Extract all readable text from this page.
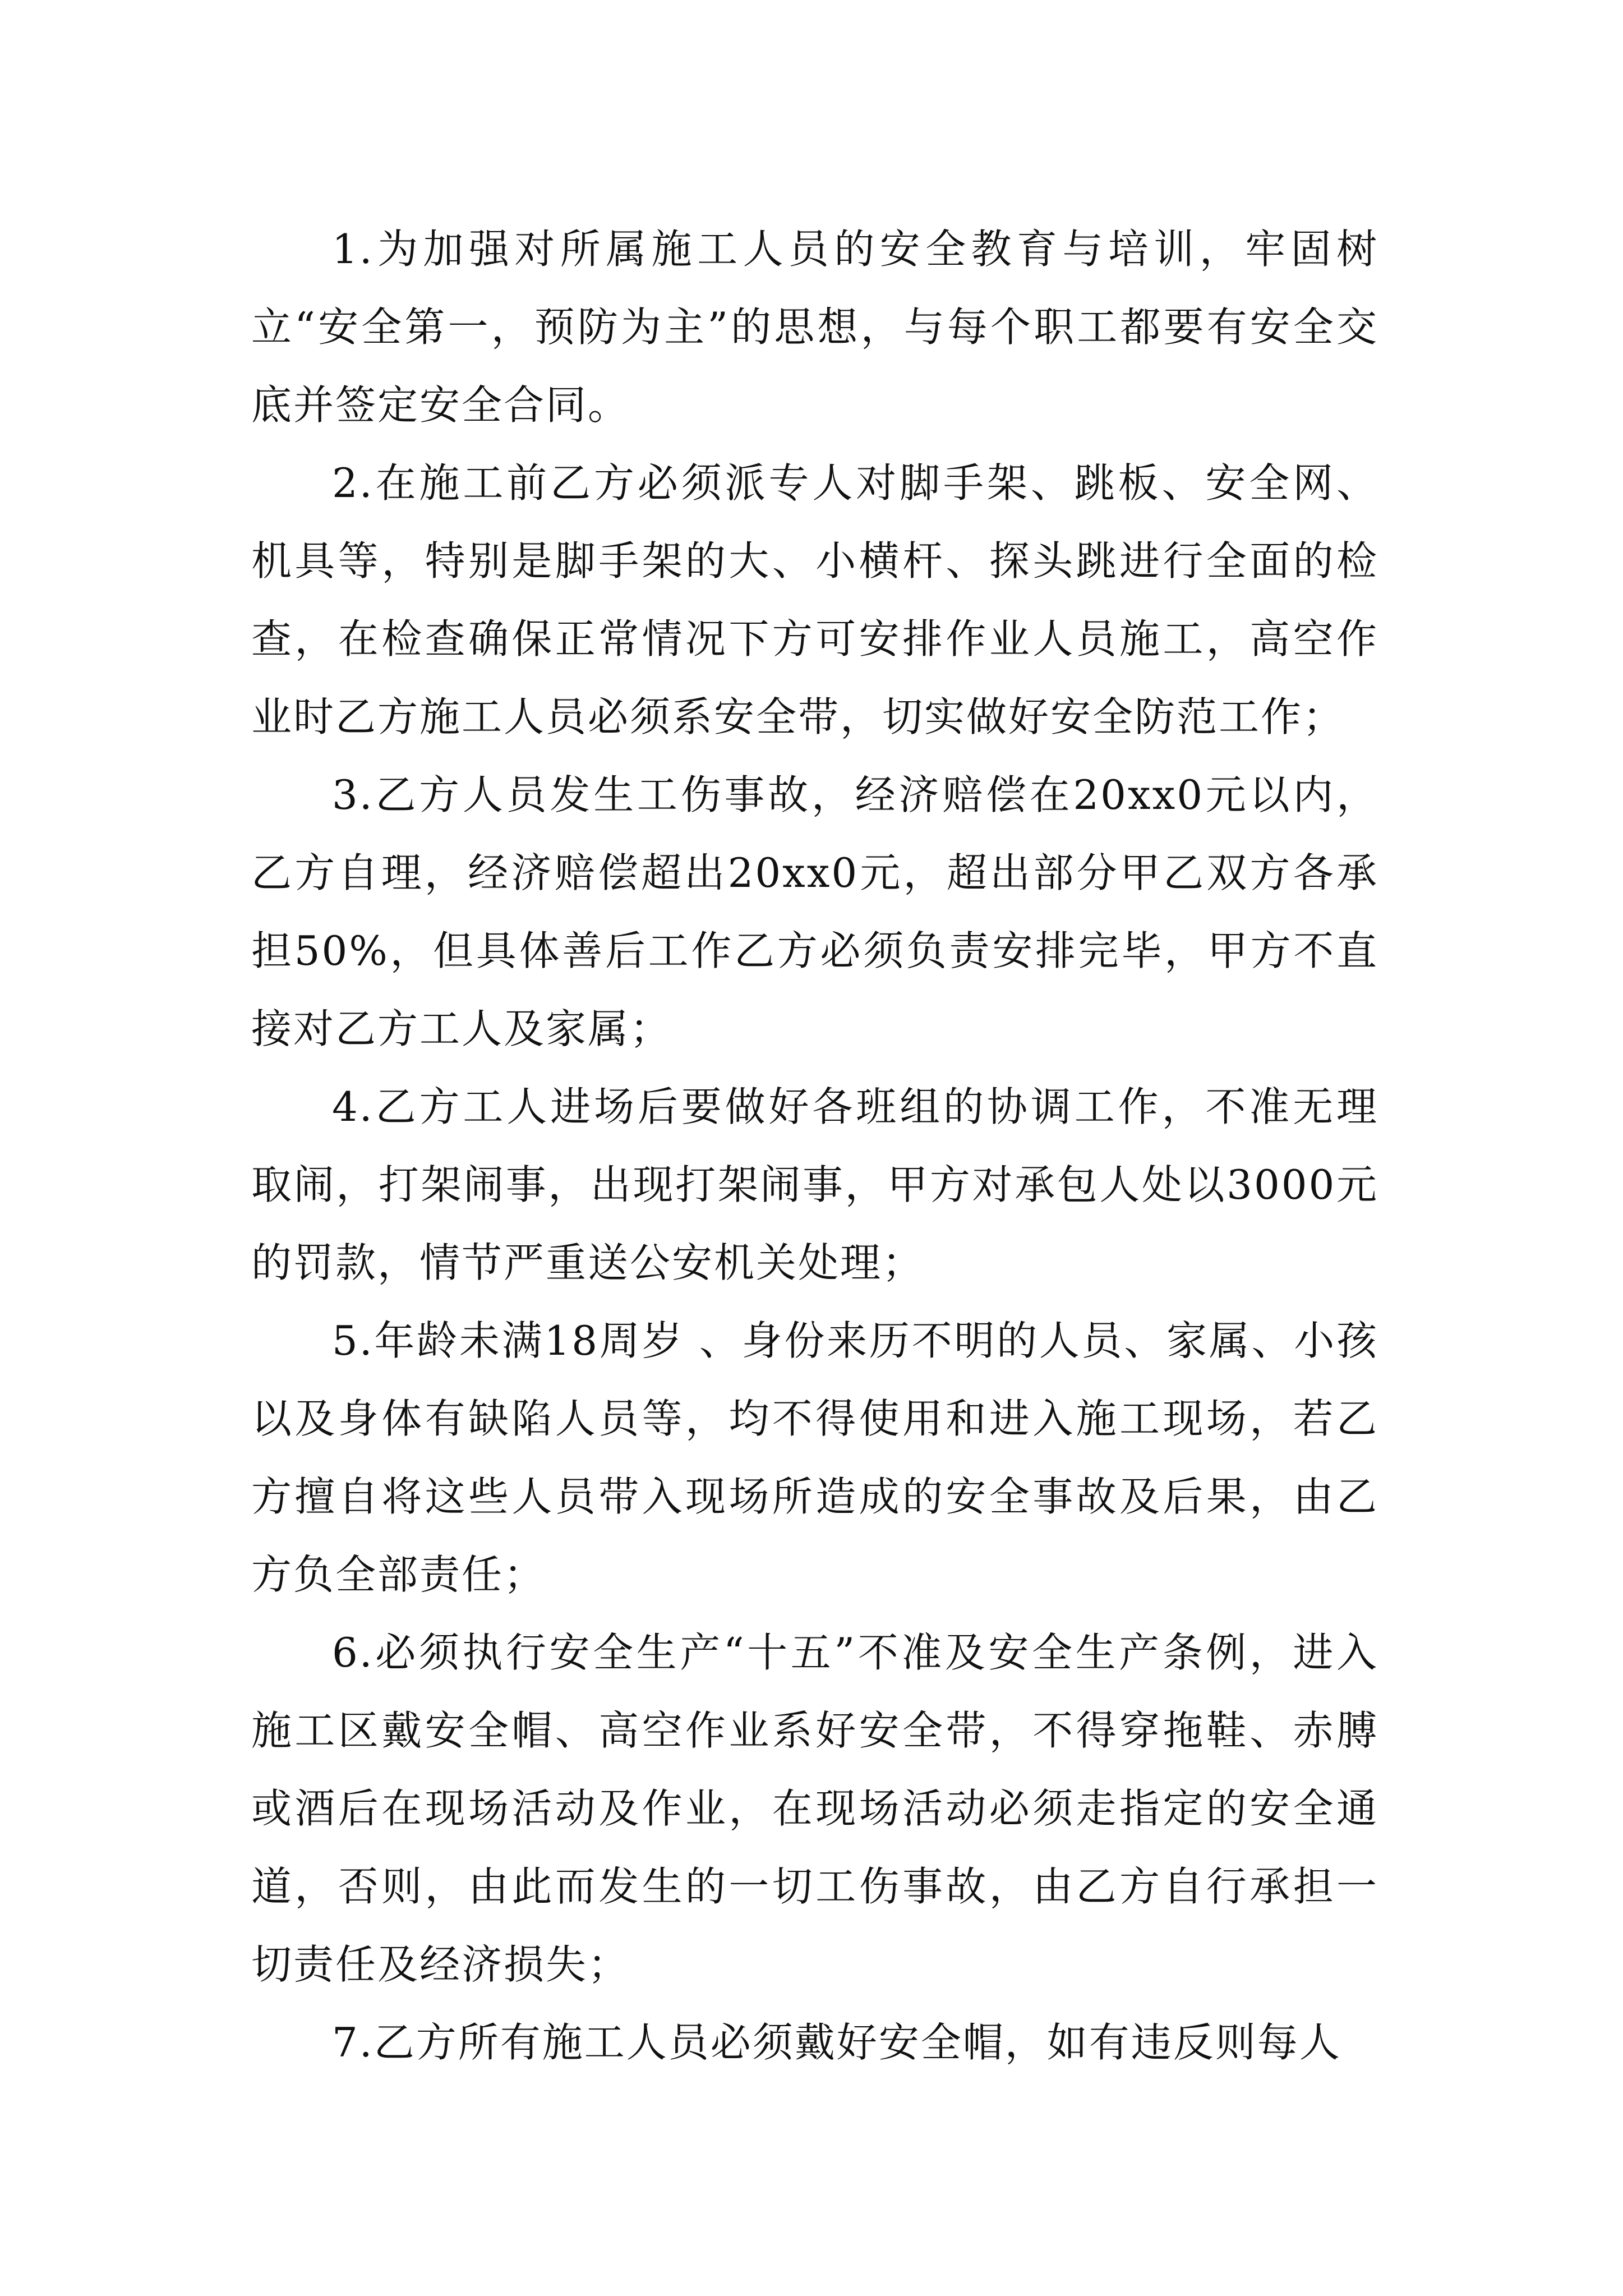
1.为加强对所属施工人员的安全教育与培训，牢固树立“安全第一，预防为主”的思想，与每个职工都要有安全交底并签定安全合同。

2.在施工前乙方必须派专人对脚手架、跳板、安全网、机具等，特别是脚手架的大、小横杆、探头跳进行全面的检查，在检查确保正常情况下方可安排作业人员施工，高空作业时乙方施工人员必须系安全带，切实做好安全防范工作；

3.乙方人员发生工伤事故，经济赔偿在20xx0元以内，乙方自理，经济赔偿超出20xx0元，超出部分甲乙双方各承担50%，但具体善后工作乙方必须负责安排完毕，甲方不直接对乙方工人及家属；

4.乙方工人进场后要做好各班组的协调工作，不准无理取闹，打架闹事，出现打架闹事，甲方对承包人处以3000元的罚款，情节严重送公安机关处理；

5.年龄未满18周岁 、身份来历不明的人员、家属、小孩以及身体有缺陷人员等，均不得使用和进入施工现场，若乙方擅自将这些人员带入现场所造成的安全事故及后果，由乙方负全部责任；

6.必须执行安全生产“十五”不准及安全生产条例，进入施工区戴安全帽、高空作业系好安全带，不得穿拖鞋、赤膊或酒后在现场活动及作业，在现场活动必须走指定的安全通道，否则，由此而发生的一切工伤事故，由乙方自行承担一切责任及经济损失；

7.乙方所有施工人员必须戴好安全帽，如有违反则每人
